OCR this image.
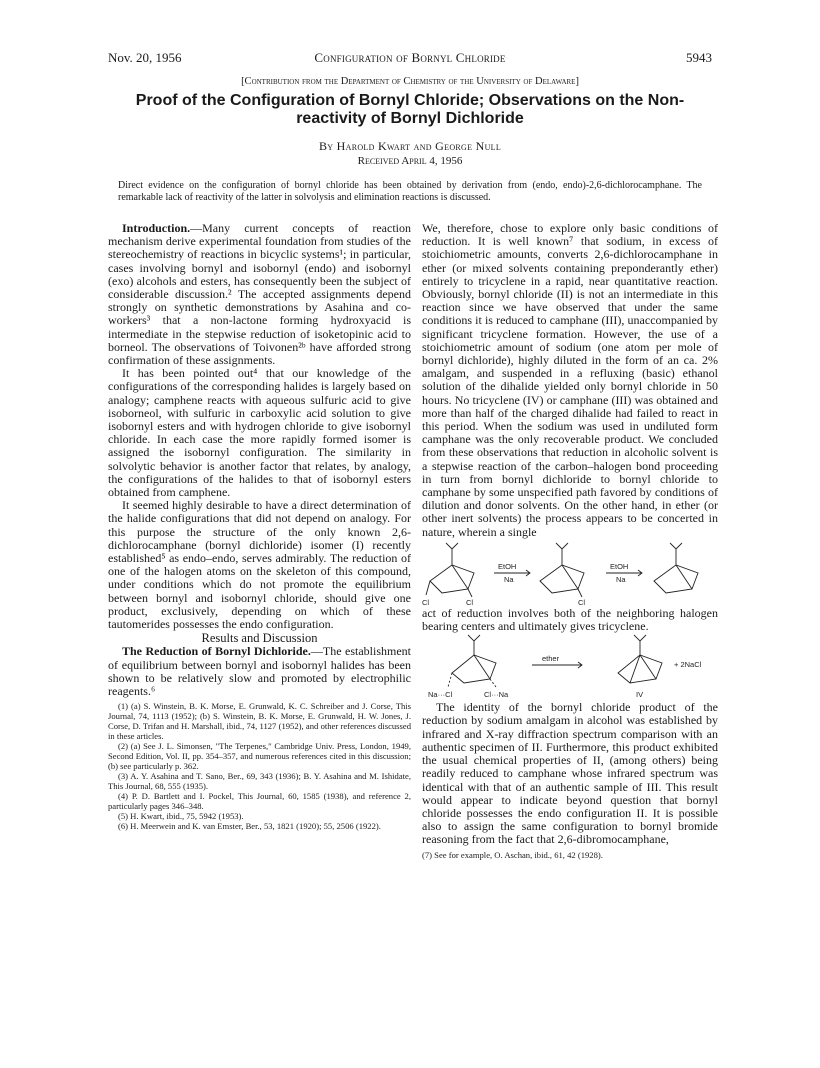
Nov. 20, 1956	Configuration of Bornyl Chloride	5943
[Contribution from the Department of Chemistry of the University of Delaware]
Proof of the Configuration of Bornyl Chloride; Observations on the Non-reactivity of Bornyl Dichloride
By Harold Kwart and George Null
Received April 4, 1956
Direct evidence on the configuration of bornyl chloride has been obtained by derivation from (endo, endo)-2,6-dichlorocamphane. The remarkable lack of reactivity of the latter in solvolysis and elimination reactions is discussed.

Introduction.—Many current concepts of reaction mechanism derive experimental foundation from studies of the stereochemistry of reactions in bicyclic systems¹; in particular, cases involving bornyl and isobornyl (endo) and isobornyl (exo) alcohols and esters, has consequently been the subject of considerable discussion.² The accepted assignments depend strongly on synthetic demonstrations by Asahina and co-workers³ that a non-lactone forming hydroxyacid is intermediate in the stepwise reduction of isoketopinic acid to borneol. The observations of Toivonen²ᵇ have afforded strong confirmation of these assignments.

It has been pointed out⁴ that our knowledge of the configurations of the corresponding halides is largely based on analogy; camphene reacts with aqueous sulfuric acid to give isoborneol, with sulfuric in carboxylic acid solution to give isobornyl esters and with hydrogen chloride to give isobornyl chloride. In each case the more rapidly formed isomer is assigned the isobornyl configuration. The similarity in solvolytic behavior is another factor that relates, by analogy, the configurations of the halides to that of isobornyl esters obtained from camphene.

It seemed highly desirable to have a direct determination of the halide configurations that did not depend on analogy. For this purpose the structure of the only known 2,6-dichlorocamphane (bornyl dichloride) isomer (I) recently established⁵ as endo–endo, serves admirably. The reduction of one of the halogen atoms on the skeleton of this compound, under conditions which do not promote the equilibrium between bornyl and isobornyl chloride, should give one product, exclusively, depending on which of these tautomerides possesses the endo configuration.

Results and Discussion

The Reduction of Bornyl Dichloride.—The establishment of equilibrium between bornyl and isobornyl halides has been shown to be relatively slow and promoted by electrophilic reagents.⁶

(1) (a) S. Winstein, B. K. Morse, E. Grunwald, K. C. Schreiber and J. Corse, This Journal, 74, 1113 (1952); (b) S. Winstein, B. K. Morse, E. Grunwald, H. W. Jones, J. Corse, D. Trifan and H. Marshall, ibid., 74, 1127 (1952), and other references discussed in these articles.
(2) (a) See J. L. Simonsen, "The Terpenes," Cambridge Univ. Press, London, 1949, Second Edition, Vol. II, pp. 354–357, and numerous references cited in this discussion; (b) see particularly p. 362.
(3) A. Y. Asahina and T. Sano, Ber., 69, 343 (1936); B. Y. Asahina and M. Ishidate, This Journal, 68, 555 (1935).
(4) P. D. Bartlett and I. Pockel, This Journal, 60, 1585 (1938), and reference 2, particularly pages 346–348.
(5) H. Kwart, ibid., 75, 5942 (1953).
(6) H. Meerwein and K. van Emster, Ber., 53, 1821 (1920); 55, 2506 (1922).

We, therefore, chose to explore only basic conditions of reduction. It is well known⁷ that sodium, in excess of stoichiometric amounts, converts 2,6-dichlorocamphane in ether (or mixed solvents containing preponderantly ether) entirely to tricyclene in a rapid, near quantitative reaction. Obviously, bornyl chloride (II) is not an intermediate in this reaction since we have observed that under the same conditions it is reduced to camphane (III), unaccompanied by significant tricyclene formation. However, the use of a stoichiometric amount of sodium (one atom per mole of bornyl dichloride), highly diluted in the form of an ca. 2% amalgam, and suspended in a refluxing (basic) ethanol solution of the dihalide yielded only bornyl chloride in 50 hours. No tricyclene (IV) or camphane (III) was obtained and more than half of the charged dihalide had failed to react in this period. When the sodium was used in undiluted form camphane was the only recoverable product. We concluded from these observations that reduction in alcoholic solvent is a stepwise reaction of the carbon–halogen bond proceeding in turn from bornyl dichloride to bornyl chloride to camphane by some unspecified path favored by conditions of dilution and donor solvents. On the other hand, in ether (or other inert solvents) the process appears to be concerted in nature, wherein a single

EtOH
Na
EtOH
Na
Cl	Cl	Cl

act of reduction involves both of the neighboring halogen bearing centers and ultimately gives tricyclene.

ether
+ 2NaCl
Na···Cl	Cl···Na	IV

The identity of the bornyl chloride product of the reduction by sodium amalgam in alcohol was established by infrared and X-ray diffraction spectrum comparison with an authentic specimen of II. Furthermore, this product exhibited the usual chemical properties of II, (among others) being readily reduced to camphane whose infrared spectrum was identical with that of an authentic sample of III. This result would appear to indicate beyond question that bornyl chloride possesses the endo configuration II. It is possible also to assign the same configuration to bornyl bromide reasoning from the fact that 2,6-dibromocamphane,

(7) See for example, O. Aschan, ibid., 61, 42 (1928).
